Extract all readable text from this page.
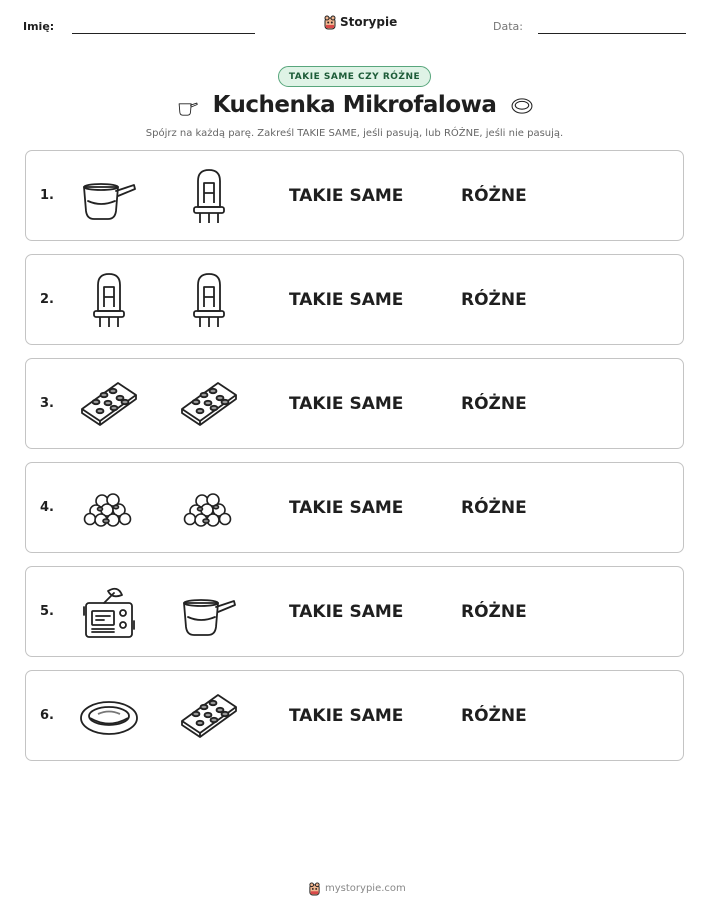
Imię:	Storypie	Data:
TAKIE SAME CZY RÓŻNE
Kuchenka Mikrofalowa
Spójrz na każdą parę. Zakreśl TAKIE SAME, jeśli pasują, lub RÓŻNE, jeśli nie pasują.
1.	TAKIE SAME	RÓŻNE
2.	TAKIE SAME	RÓŻNE
3.	TAKIE SAME	RÓŻNE
4.	TAKIE SAME	RÓŻNE
5.	TAKIE SAME	RÓŻNE
6.	TAKIE SAME	RÓŻNE
mystorypie.com
